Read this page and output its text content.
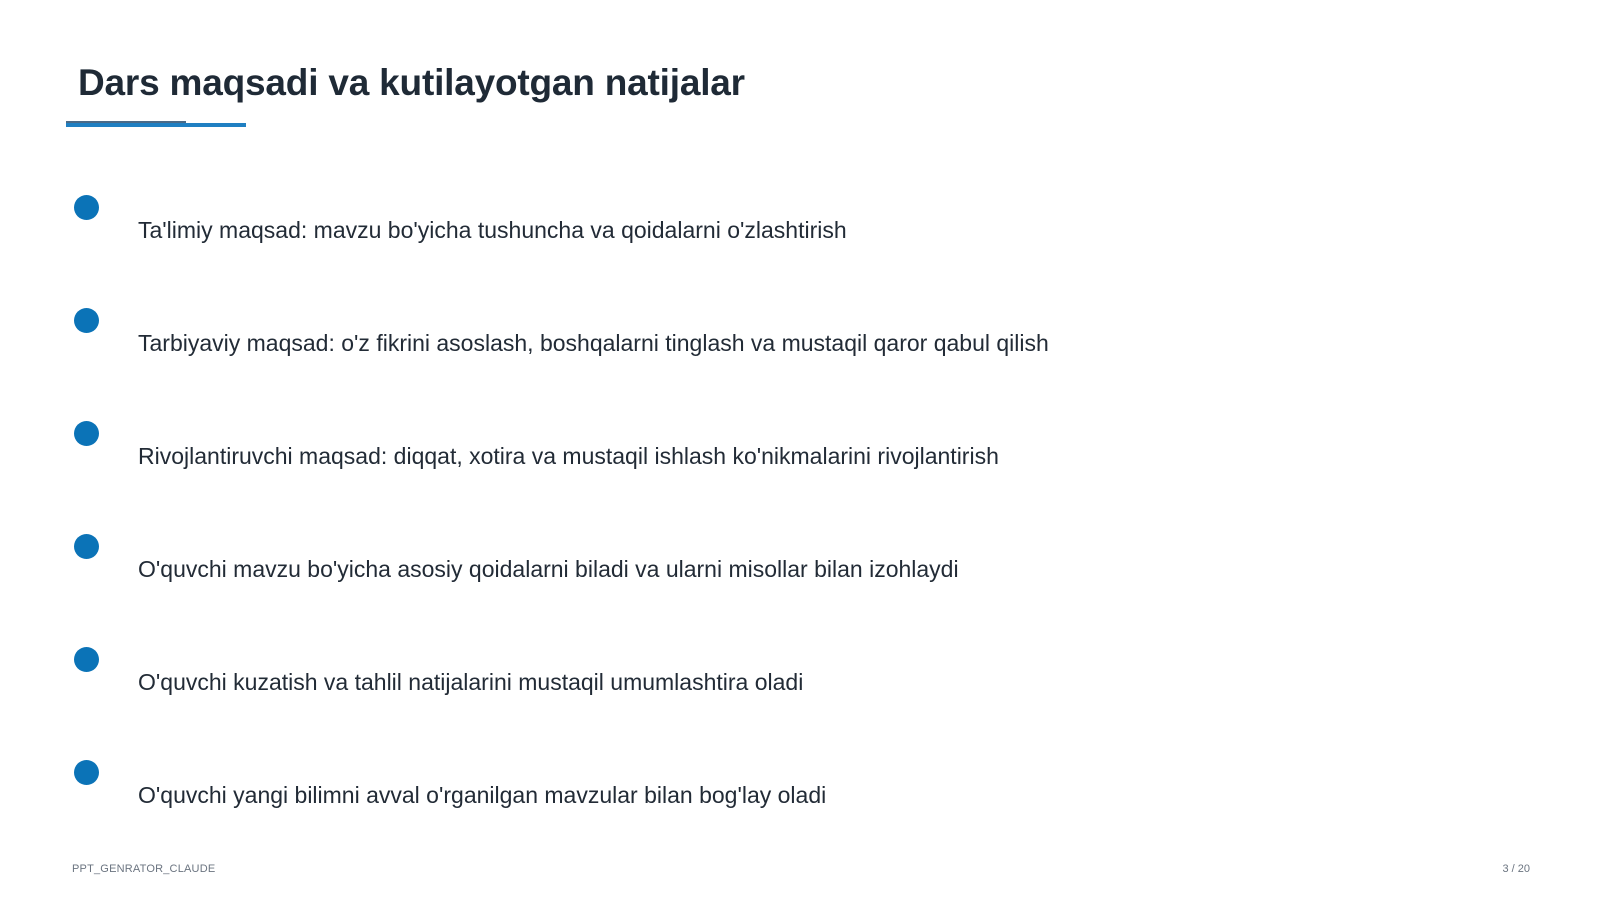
Dars maqsadi va kutilayotgan natijalar
Ta'limiy maqsad: mavzu bo'yicha tushuncha va qoidalarni o'zlashtirish
Tarbiyaviy maqsad: o'z fikrini asoslash, boshqalarni tinglash va mustaqil qaror qabul qilish
Rivojlantiruvchi maqsad: diqqat, xotira va mustaqil ishlash ko'nikmalarini rivojlantirish
O'quvchi mavzu bo'yicha asosiy qoidalarni biladi va ularni misollar bilan izohlaydi
O'quvchi kuzatish va tahlil natijalarini mustaqil umumlashtira oladi
O'quvchi yangi bilimni avval o'rganilgan mavzular bilan bog'lay oladi
PPT_GENRATOR_CLAUDE	3 / 20
